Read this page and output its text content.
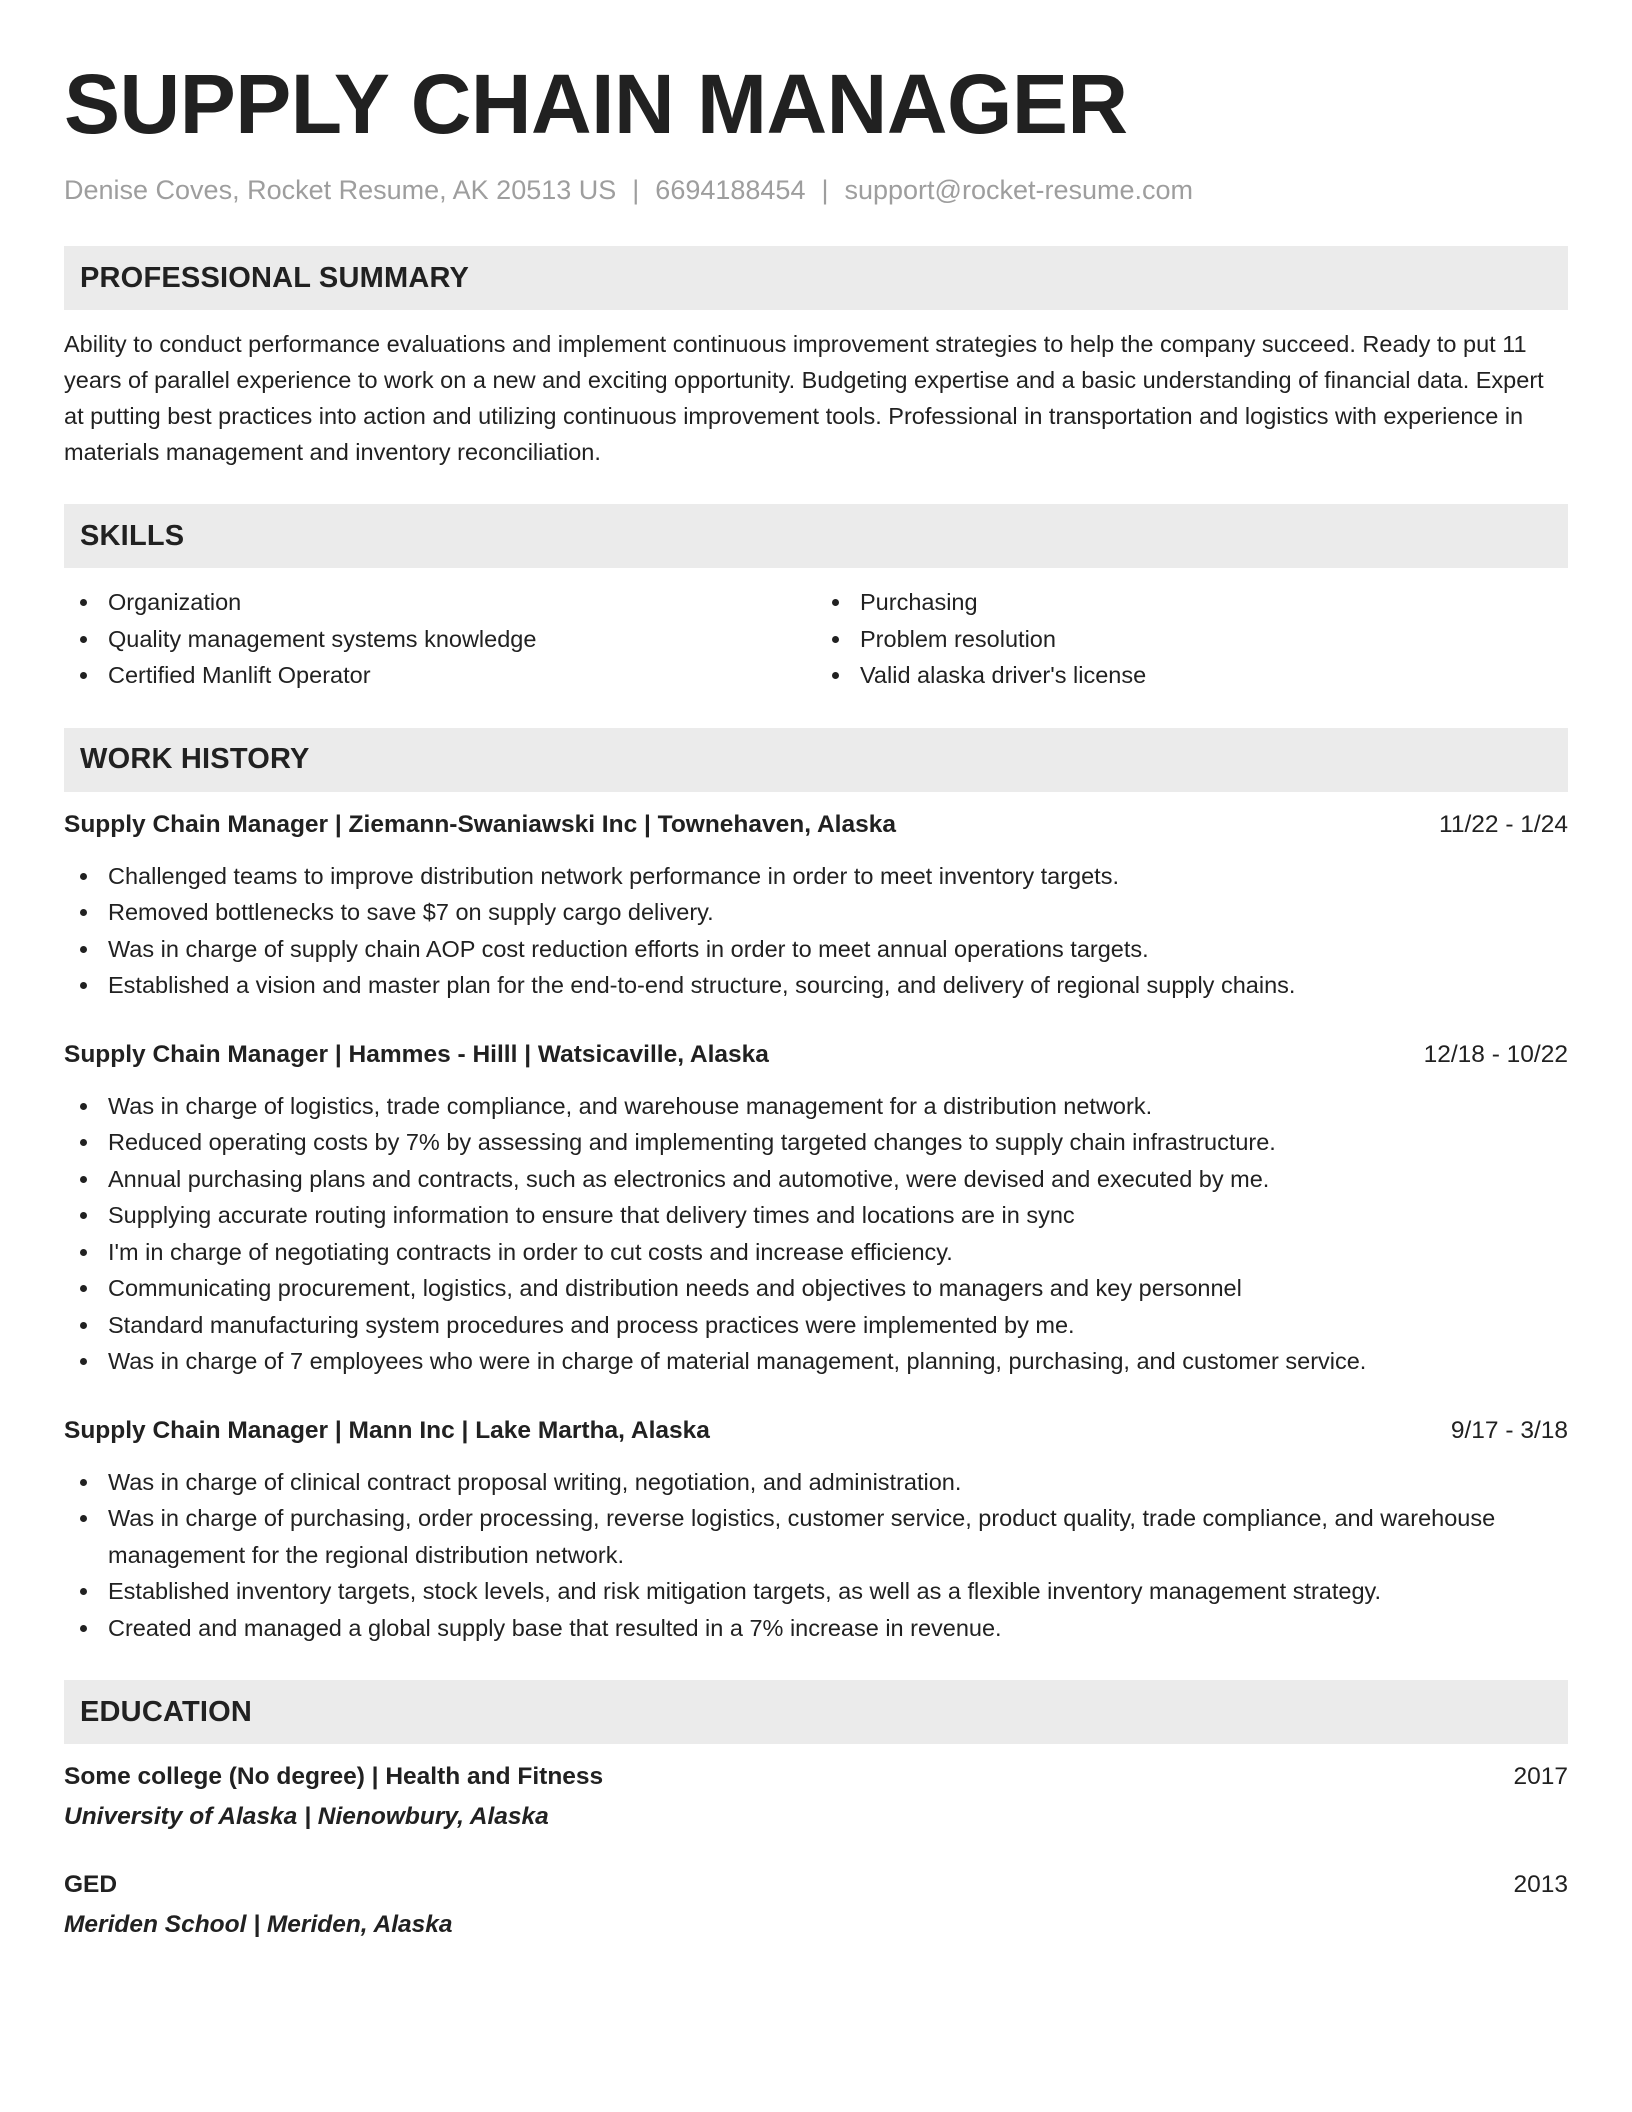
SUPPLY CHAIN MANAGER
Denise Coves, Rocket Resume, AK 20513 US | 6694188454 | support@rocket-resume.com
PROFESSIONAL SUMMARY

Ability to conduct performance evaluations and implement continuous improvement strategies to help the company succeed. Ready to put 11 years of parallel experience to work on a new and exciting opportunity. Budgeting expertise and a basic understanding of financial data. Expert at putting best practices into action and utilizing continuous improvement tools. Professional in transportation and logistics with experience in materials management and inventory reconciliation.

SKILLS
Organization
Quality management systems knowledge
Certified Manlift Operator
Purchasing
Problem resolution
Valid alaska driver's license
WORK HISTORY
Supply Chain Manager | Ziemann-Swaniawski Inc | Townehaven, Alaska	11/22 - 1/24
Challenged teams to improve distribution network performance in order to meet inventory targets.
Removed bottlenecks to save $7 on supply cargo delivery.
Was in charge of supply chain AOP cost reduction efforts in order to meet annual operations targets.
Established a vision and master plan for the end-to-end structure, sourcing, and delivery of regional supply chains.
Supply Chain Manager | Hammes - Hilll | Watsicaville, Alaska	12/18 - 10/22
Was in charge of logistics, trade compliance, and warehouse management for a distribution network.
Reduced operating costs by 7% by assessing and implementing targeted changes to supply chain infrastructure.
Annual purchasing plans and contracts, such as electronics and automotive, were devised and executed by me.
Supplying accurate routing information to ensure that delivery times and locations are in sync
I'm in charge of negotiating contracts in order to cut costs and increase efficiency.
Communicating procurement, logistics, and distribution needs and objectives to managers and key personnel
Standard manufacturing system procedures and process practices were implemented by me.
Was in charge of 7 employees who were in charge of material management, planning, purchasing, and customer service.
Supply Chain Manager | Mann Inc | Lake Martha, Alaska	9/17 - 3/18
Was in charge of clinical contract proposal writing, negotiation, and administration.
Was in charge of purchasing, order processing, reverse logistics, customer service, product quality, trade compliance, and warehouse management for the regional distribution network.
Established inventory targets, stock levels, and risk mitigation targets, as well as a flexible inventory management strategy.
Created and managed a global supply base that resulted in a 7% increase in revenue.
EDUCATION
Some college (No degree) | Health and Fitness	2017
University of Alaska | Nienowbury, Alaska
GED	2013
Meriden School | Meriden, Alaska
